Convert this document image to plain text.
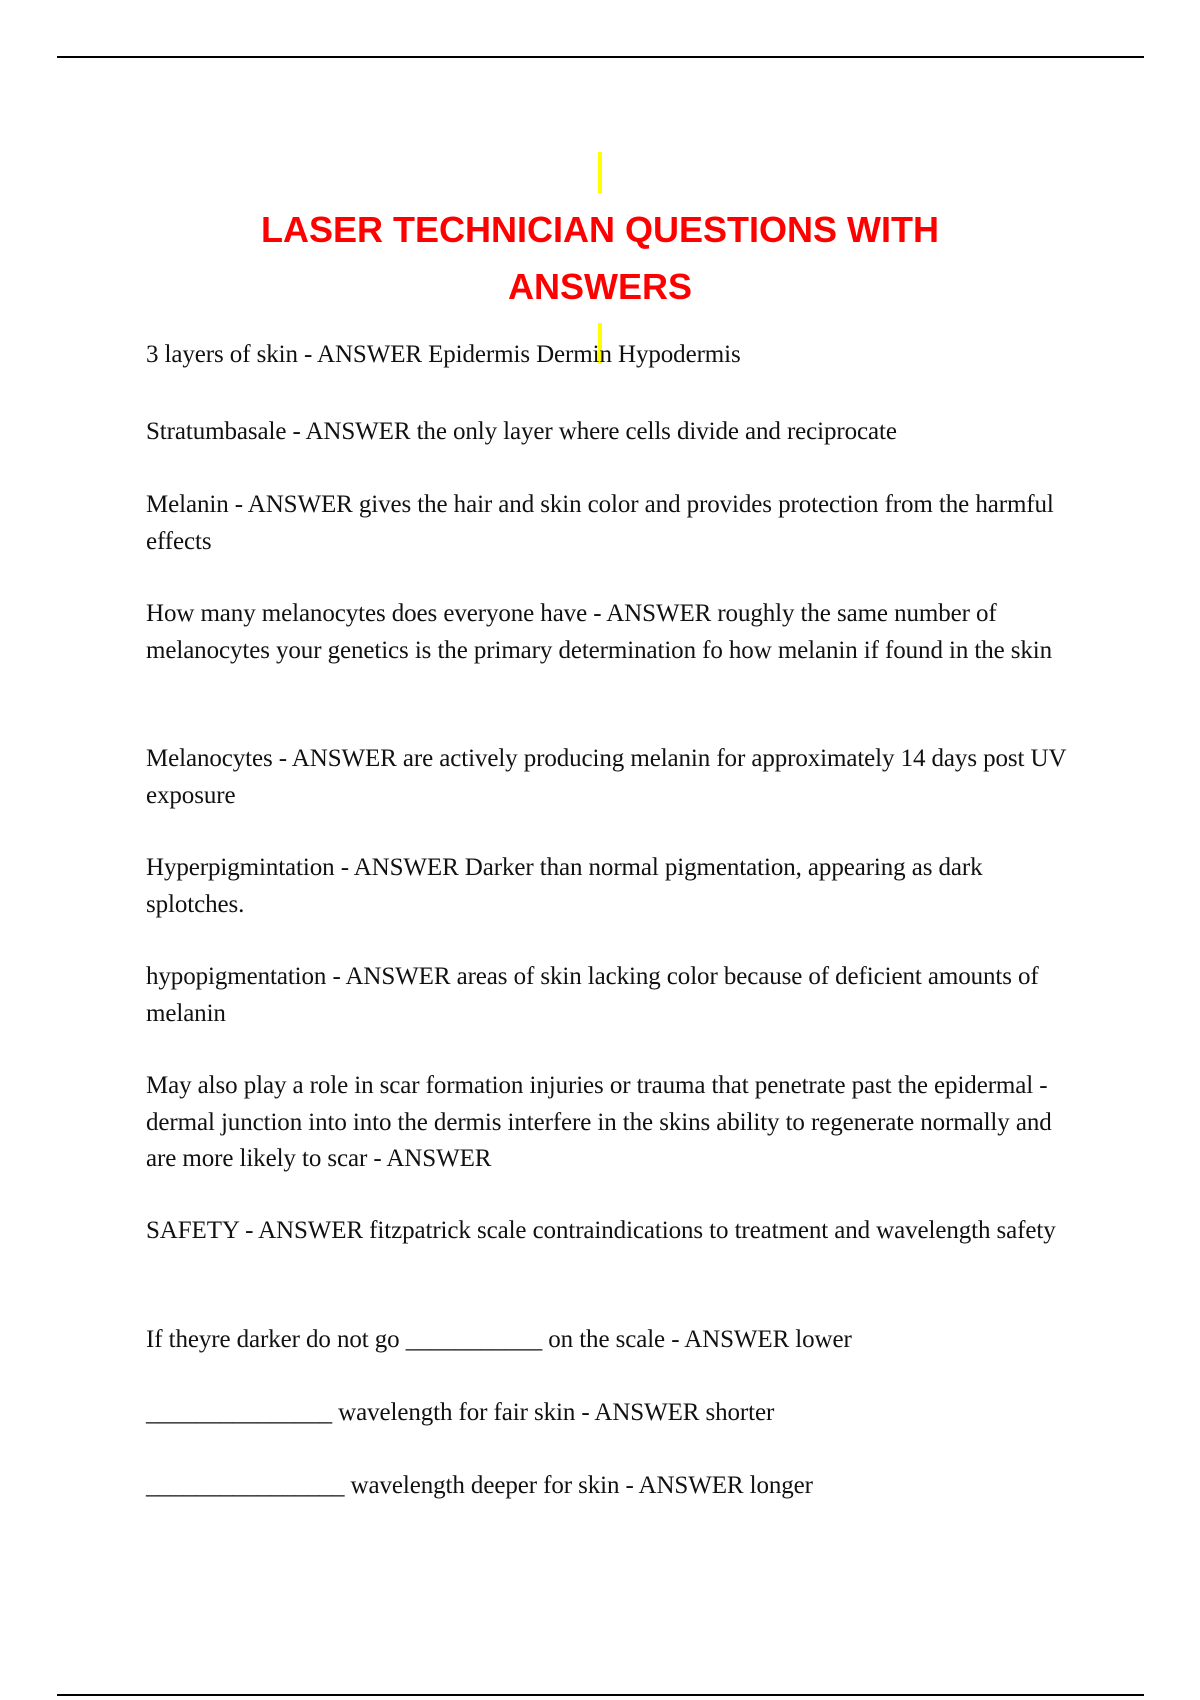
LASER TECHNICIAN QUESTIONS WITH
ANSWERS

3 layers of skin - ANSWER Epidermis Dermin Hypodermis

Stratumbasale - ANSWER the only layer where cells divide and reciprocate

Melanin - ANSWER gives the hair and skin color and provides protection from the harmful effects

How many melanocytes does everyone have - ANSWER roughly the same number of melanocytes your genetics is the primary determination fo how melanin if found in the skin

Melanocytes - ANSWER are actively producing melanin for approximately 14 days post UV exposure

Hyperpigmintation - ANSWER Darker than normal pigmentation, appearing as dark splotches.

hypopigmentation - ANSWER areas of skin lacking color because of deficient amounts of melanin

May also play a role in scar formation injuries or trauma that penetrate past the epidermal - dermal junction into into the dermis interfere in the skins ability to regenerate normally and are more likely to scar - ANSWER

SAFETY - ANSWER fitzpatrick scale contraindications to treatment and wavelength safety

If theyre darker do not go ___________ on the scale - ANSWER lower

_______________ wavelength for fair skin - ANSWER shorter

________________ wavelength deeper for skin - ANSWER longer
